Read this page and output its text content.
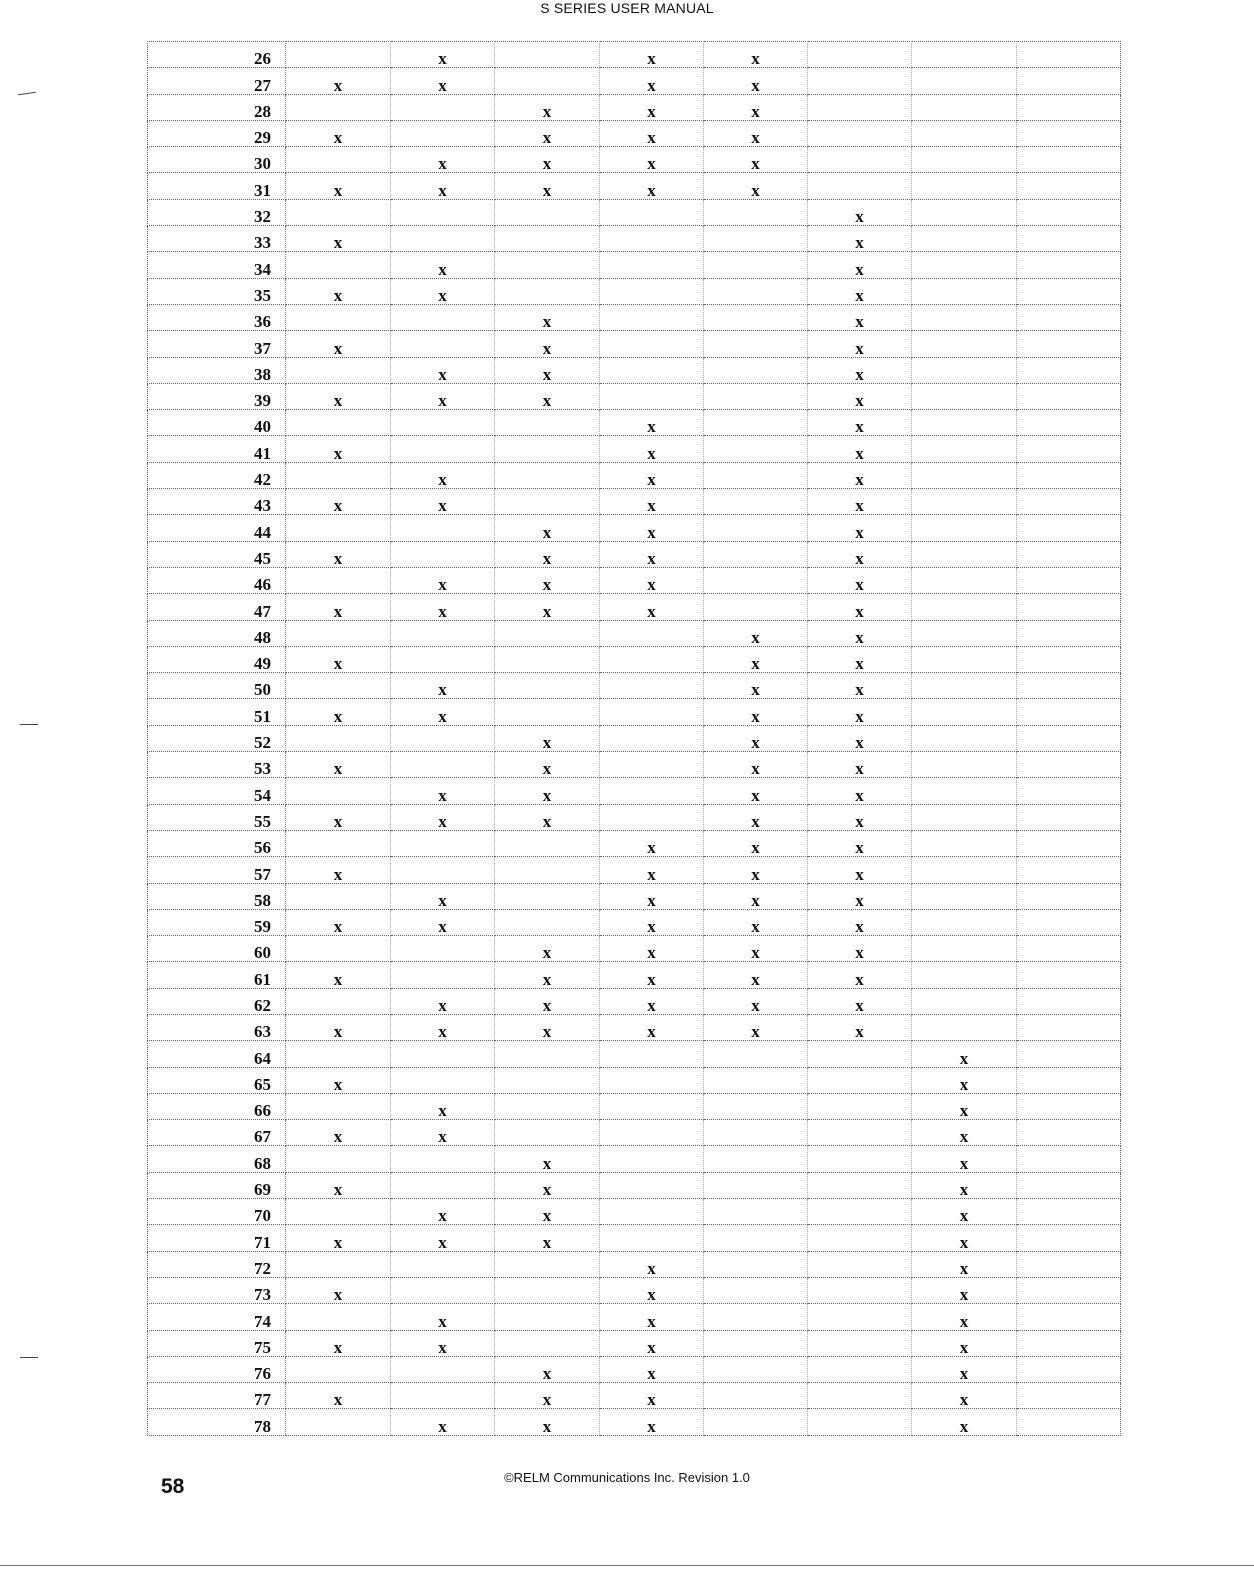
S SERIES USER MANUAL
26		x		x	x			
27	x	x		x	x			
28			x	x	x			
29	x		x	x	x			
30		x	x	x	x			
31	x	x	x	x	x			
32						x		
33	x					x		
34		x				x		
35	x	x				x		
36			x			x		
37	x		x			x		
38		x	x			x		
39	x	x	x			x		
40				x		x		
41	x			x		x		
42		x		x		x		
43	x	x		x		x		
44			x	x		x		
45	x		x	x		x		
46		x	x	x		x		
47	x	x	x	x		x		
48					x	x		
49	x				x	x		
50		x			x	x		
51	x	x			x	x		
52			x		x	x		
53	x		x		x	x		
54		x	x		x	x		
55	x	x	x		x	x		
56				x	x	x		
57	x			x	x	x		
58		x		x	x	x		
59	x	x		x	x	x		
60			x	x	x	x		
61	x		x	x	x	x		
62		x	x	x	x	x		
63	x	x	x	x	x	x		
64							x	
65	x						x	
66		x					x	
67	x	x					x	
68			x				x	
69	x		x				x	
70		x	x				x	
71	x	x	x				x	
72				x			x	
73	x			x			x	
74		x		x			x	
75	x	x		x			x	
76			x	x			x	
77	x		x	x			x	
78		x	x	x			x	
58	©RELM Communications Inc. Revision 1.0
